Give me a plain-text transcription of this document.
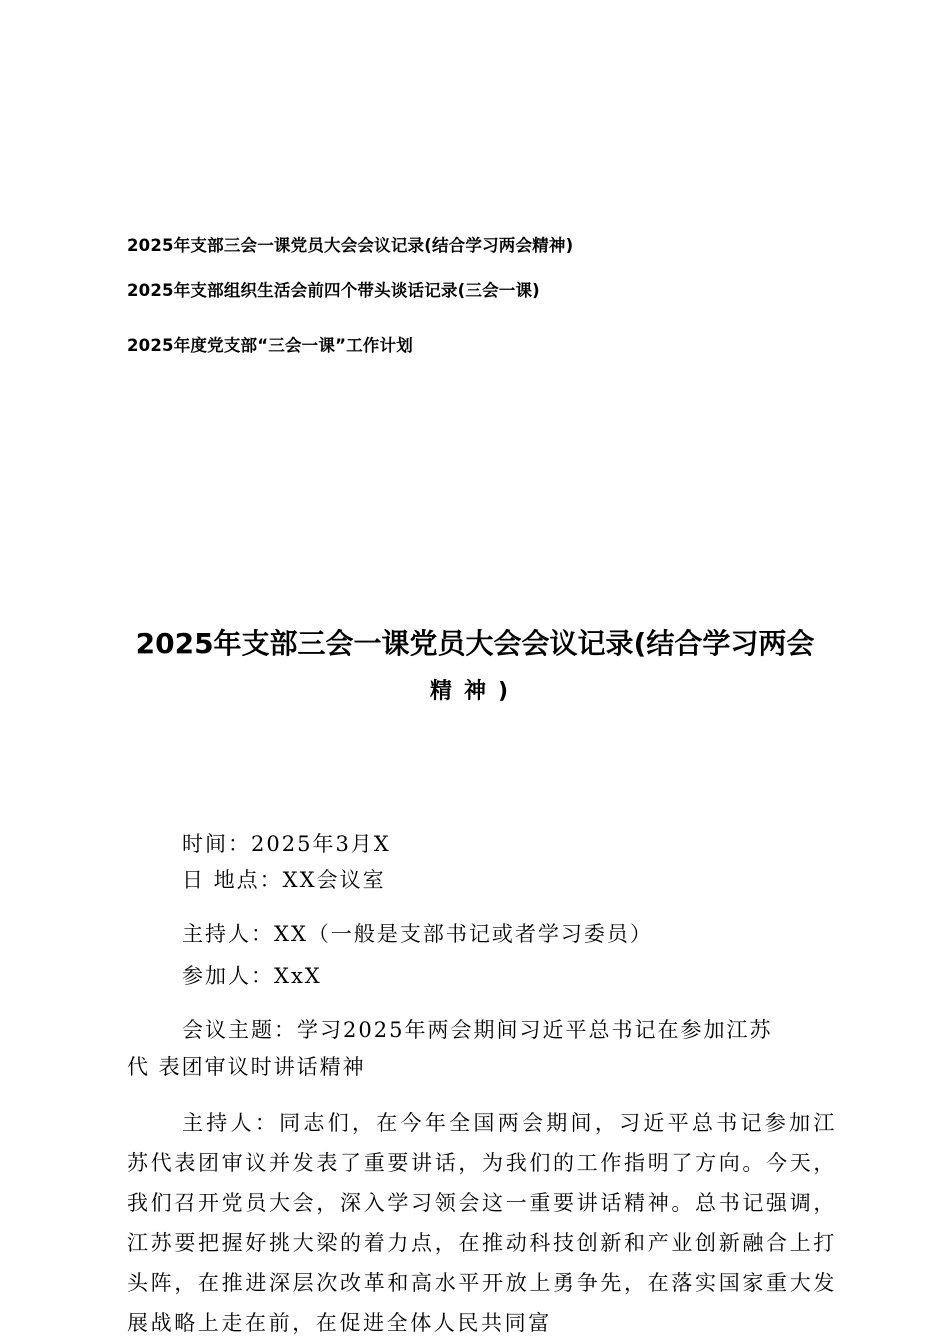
2025年支部三会一课党员大会会议记录(结合学习两会精神)
2025年支部组织生活会前四个带头谈话记录(三会一课)
2025年度党支部“三会一课”工作计划
2025年支部三会一课党员大会会议记录(结合学习两会
精神)
时间：2025年3月X
日 地点：XX会议室
主持人：XX（一般是支部书记或者学习委员）
参加人：XxX
会议主题：学习2025年两会期间习近平总书记在参加江苏
代 表团审议时讲话精神
主持人：同志们，在今年全国两会期间，习近平总书记参加江苏代表团审议并发表了重要讲话，为我们的工作指明了方向。今天，我们召开党员大会，深入学习领会这一重要讲话精神。总书记强调，江苏要把握好挑大梁的着力点，在推动科技创新和产业创新融合上打头阵，在推进深层次改革和高水平开放上勇争先，在落实国家重大发展战略上走在前，在促进全体人民共同富
